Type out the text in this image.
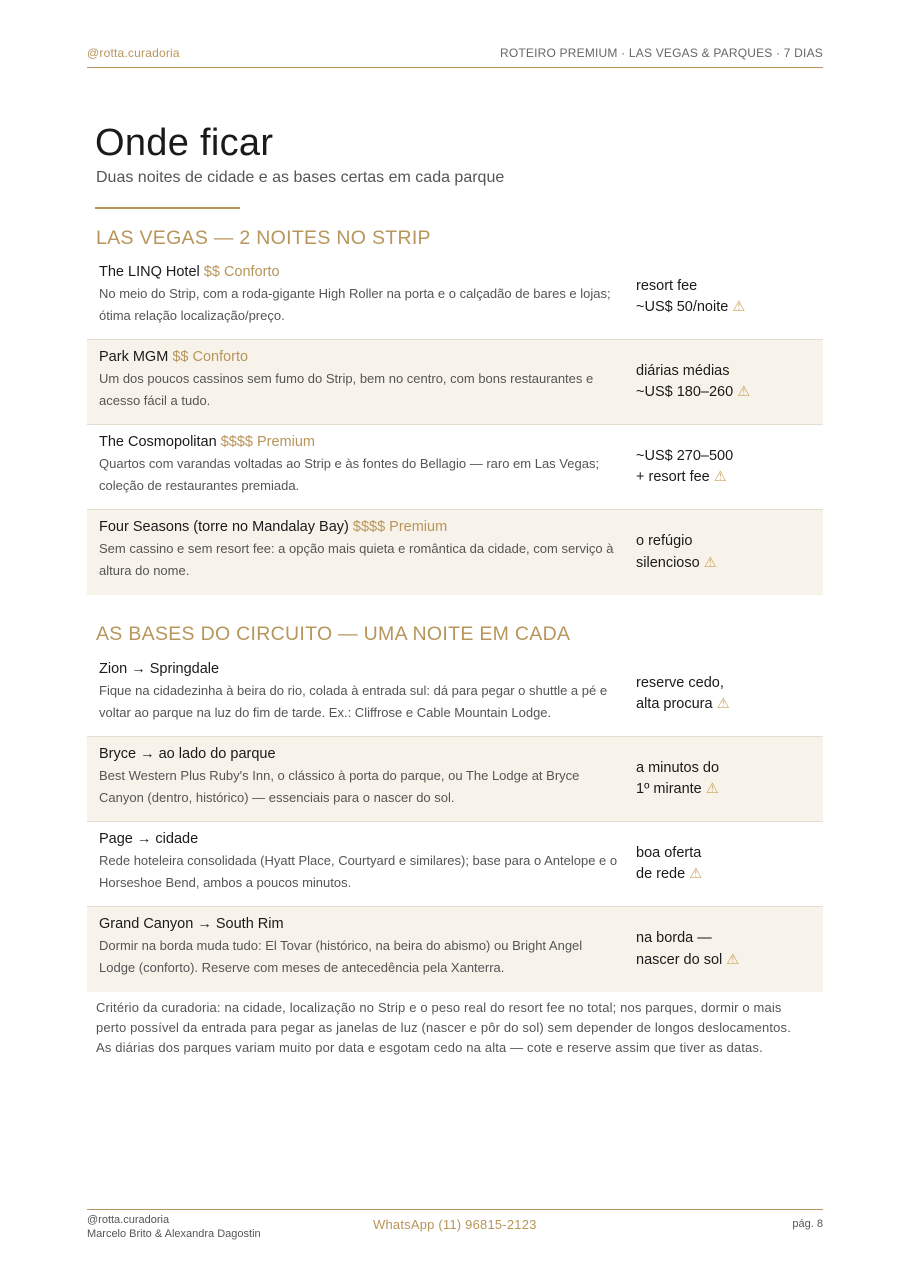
@rotta.curadoria	ROTEIRO PREMIUM · LAS VEGAS & PARQUES · 7 DIAS
Onde ficar

Duas noites de cidade e as bases certas em cada parque

LAS VEGAS — 2 NOITES NO STRIP
The LINQ Hotel $$ Conforto
No meio do Strip, com a roda-gigante High Roller na porta e o calçadão de bares e lojas; ótima relação localização/preço.
resort fee
~US$ 50/noite ⚠
Park MGM $$ Conforto
Um dos poucos cassinos sem fumo do Strip, bem no centro, com bons restaurantes e acesso fácil a tudo.
diárias médias
~US$ 180–260 ⚠
The Cosmopolitan $$$$ Premium
Quartos com varandas voltadas ao Strip e às fontes do Bellagio — raro em Las Vegas; coleção de restaurantes premiada.
~US$ 270–500
+ resort fee ⚠
Four Seasons (torre no Mandalay Bay) $$$$ Premium
Sem cassino e sem resort fee: a opção mais quieta e romântica da cidade, com serviço à altura do nome.
o refúgio
silencioso ⚠
AS BASES DO CIRCUITO — UMA NOITE EM CADA
Zion → Springdale
Fique na cidadezinha à beira do rio, colada à entrada sul: dá para pegar o shuttle a pé e voltar ao parque na luz do fim de tarde. Ex.: Cliffrose e Cable Mountain Lodge.
reserve cedo,
alta procura ⚠
Bryce → ao lado do parque
Best Western Plus Ruby's Inn, o clássico à porta do parque, ou The Lodge at Bryce Canyon (dentro, histórico) — essenciais para o nascer do sol.
a minutos do
1º mirante ⚠
Page → cidade
Rede hoteleira consolidada (Hyatt Place, Courtyard e similares); base para o Antelope e o Horseshoe Bend, ambos a poucos minutos.
boa oferta
de rede ⚠
Grand Canyon → South Rim
Dormir na borda muda tudo: El Tovar (histórico, na beira do abismo) ou Bright Angel Lodge (conforto). Reserve com meses de antecedência pela Xanterra.
na borda —
nascer do sol ⚠
Critério da curadoria: na cidade, localização no Strip e o peso real do resort fee no total; nos parques, dormir o mais perto possível da entrada para pegar as janelas de luz (nascer e pôr do sol) sem depender de longos deslocamentos. As diárias dos parques variam muito por data e esgotam cedo na alta — cote e reserve assim que tiver as datas.
@rotta.curadoria
Marcelo Brito & Alexandra Dagostin
WhatsApp (11) 96815-2123	pág. 8
